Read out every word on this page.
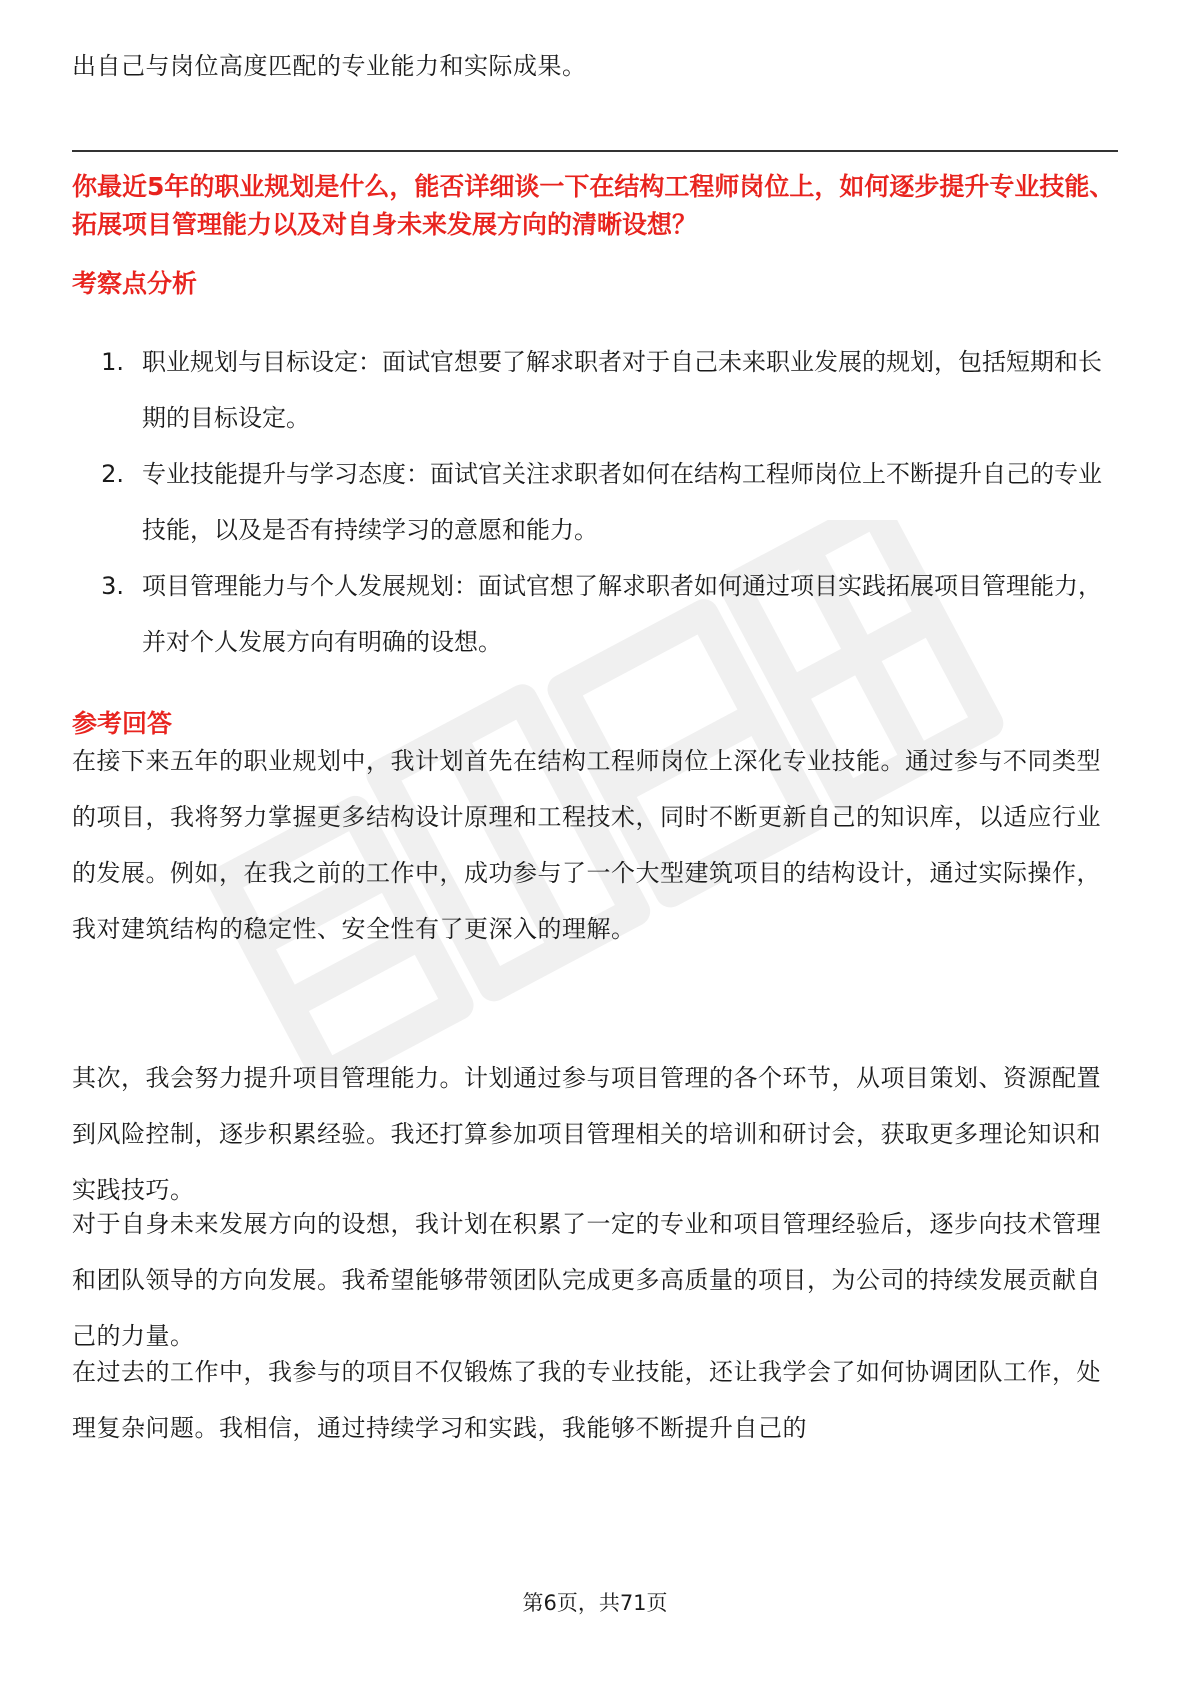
出自己与岗位高度匹配的专业能力和实际成果。
你最近5年的职业规划是什么，能否详细谈一下在结构工程师岗位上，如何逐步提升专业技能、拓展项目管理能力以及对自身未来发展方向的清晰设想？
考察点分析
1. 职业规划与目标设定：面试官想要了解求职者对于自己未来职业发展的规划，包括短期和长期的目标设定。
2. 专业技能提升与学习态度：面试官关注求职者如何在结构工程师岗位上不断提升自己的专业技能，以及是否有持续学习的意愿和能力。
3. 项目管理能力与个人发展规划：面试官想了解求职者如何通过项目实践拓展项目管理能力，并对个人发展方向有明确的设想。
参考回答
在接下来五年的职业规划中，我计划首先在结构工程师岗位上深化专业技能。通过参与不同类型的项目，我将努力掌握更多结构设计原理和工程技术，同时不断更新自己的知识库，以适应行业的发展。例如，在我之前的工作中，成功参与了一个大型建筑项目的结构设计，通过实际操作，我对建筑结构的稳定性、安全性有了更深入的理解。
其次，我会努力提升项目管理能力。计划通过参与项目管理的各个环节，从项目策划、资源配置到风险控制，逐步积累经验。我还打算参加项目管理相关的培训和研讨会，获取更多理论知识和实践技巧。
对于自身未来发展方向的设想，我计划在积累了一定的专业和项目管理经验后，逐步向技术管理和团队领导的方向发展。我希望能够带领团队完成更多高质量的项目，为公司的持续发展贡献自己的力量。
在过去的工作中，我参与的项目不仅锻炼了我的专业技能，还让我学会了如何协调团队工作，处理复杂问题。我相信，通过持续学习和实践，我能够不断提升自己的
第6页，共71页
